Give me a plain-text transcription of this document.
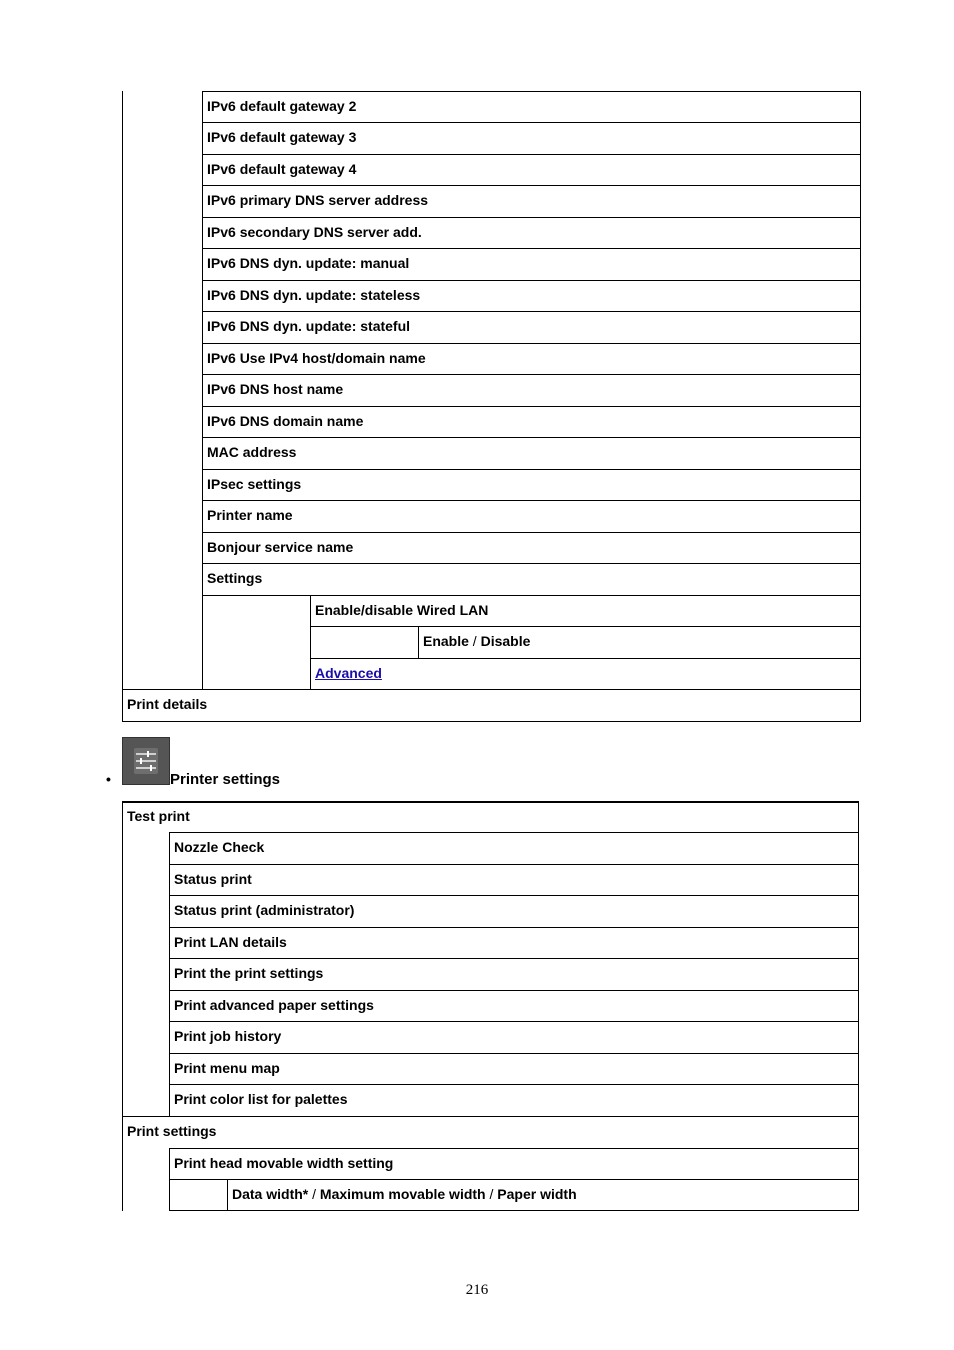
IPv6 default gateway 2
IPv6 default gateway 3
IPv6 default gateway 4
IPv6 primary DNS server address
IPv6 secondary DNS server add.
IPv6 DNS dyn. update: manual
IPv6 DNS dyn. update: stateless
IPv6 DNS dyn. update: stateful
IPv6 Use IPv4 host/domain name
IPv6 DNS host name
IPv6 DNS domain name
MAC address
IPsec settings
Printer name
Bonjour service name
Settings
Enable/disable Wired LAN
Enable / Disable
Advanced
Print details
•	Printer settings
Test print
Nozzle Check
Status print
Status print (administrator)
Print LAN details
Print the print settings
Print advanced paper settings
Print job history
Print menu map
Print color list for palettes
Print settings
Print head movable width setting
Data width* / Maximum movable width / Paper width
216
